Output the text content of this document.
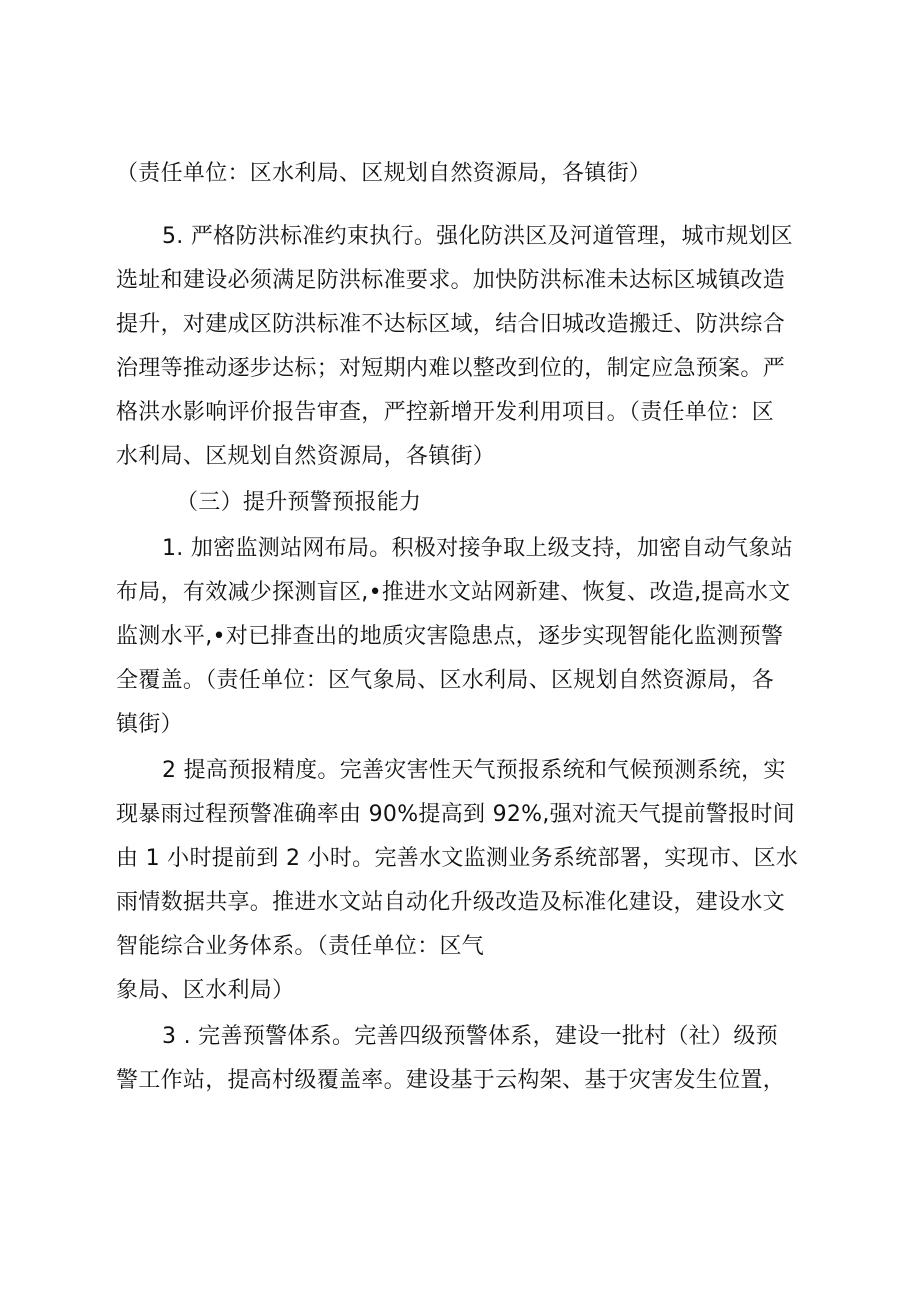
（责任单位：区水利局、区规划自然资源局，各镇街）
5. 严格防洪标准约束执行。强化防洪区及河道管理，城市规划区
选址和建设必须满足防洪标准要求。加快防洪标准未达标区城镇改造
提升，对建成区防洪标准不达标区域，结合旧城改造搬迁、防洪综合
治理等推动逐步达标；对短期内难以整改到位的，制定应急预案。严
格洪水影响评价报告审查，严控新增开发利用项目。（责任单位：区
水利局、区规划自然资源局，各镇街）
（三）提升预警预报能力
1. 加密监测站网布局。积极对接争取上级支持，加密自动气象站
布局，有效减少探测盲区,•推进水文站网新建、恢复、改造,提高水文
监测水平,•对已排查出的地质灾害隐患点，逐步实现智能化监测预警
全覆盖。（责任单位：区气象局、区水利局、区规划自然资源局，各
镇街）
2 提高预报精度。完善灾害性天气预报系统和气候预测系统，实
现暴雨过程预警准确率由 90%提高到 92%,强对流天气提前警报时间
由 1 小时提前到 2 小时。完善水文监测业务系统部署，实现市、区水
雨情数据共享。推进水文站自动化升级改造及标准化建设，建设水文
智能综合业务体系。（责任单位：区气
象局、区水利局）
3 . 完善预警体系。完善四级预警体系，建设一批村（社）级预
警工作站，提高村级覆盖率。建设基于云构架、基于灾害发生位置，
